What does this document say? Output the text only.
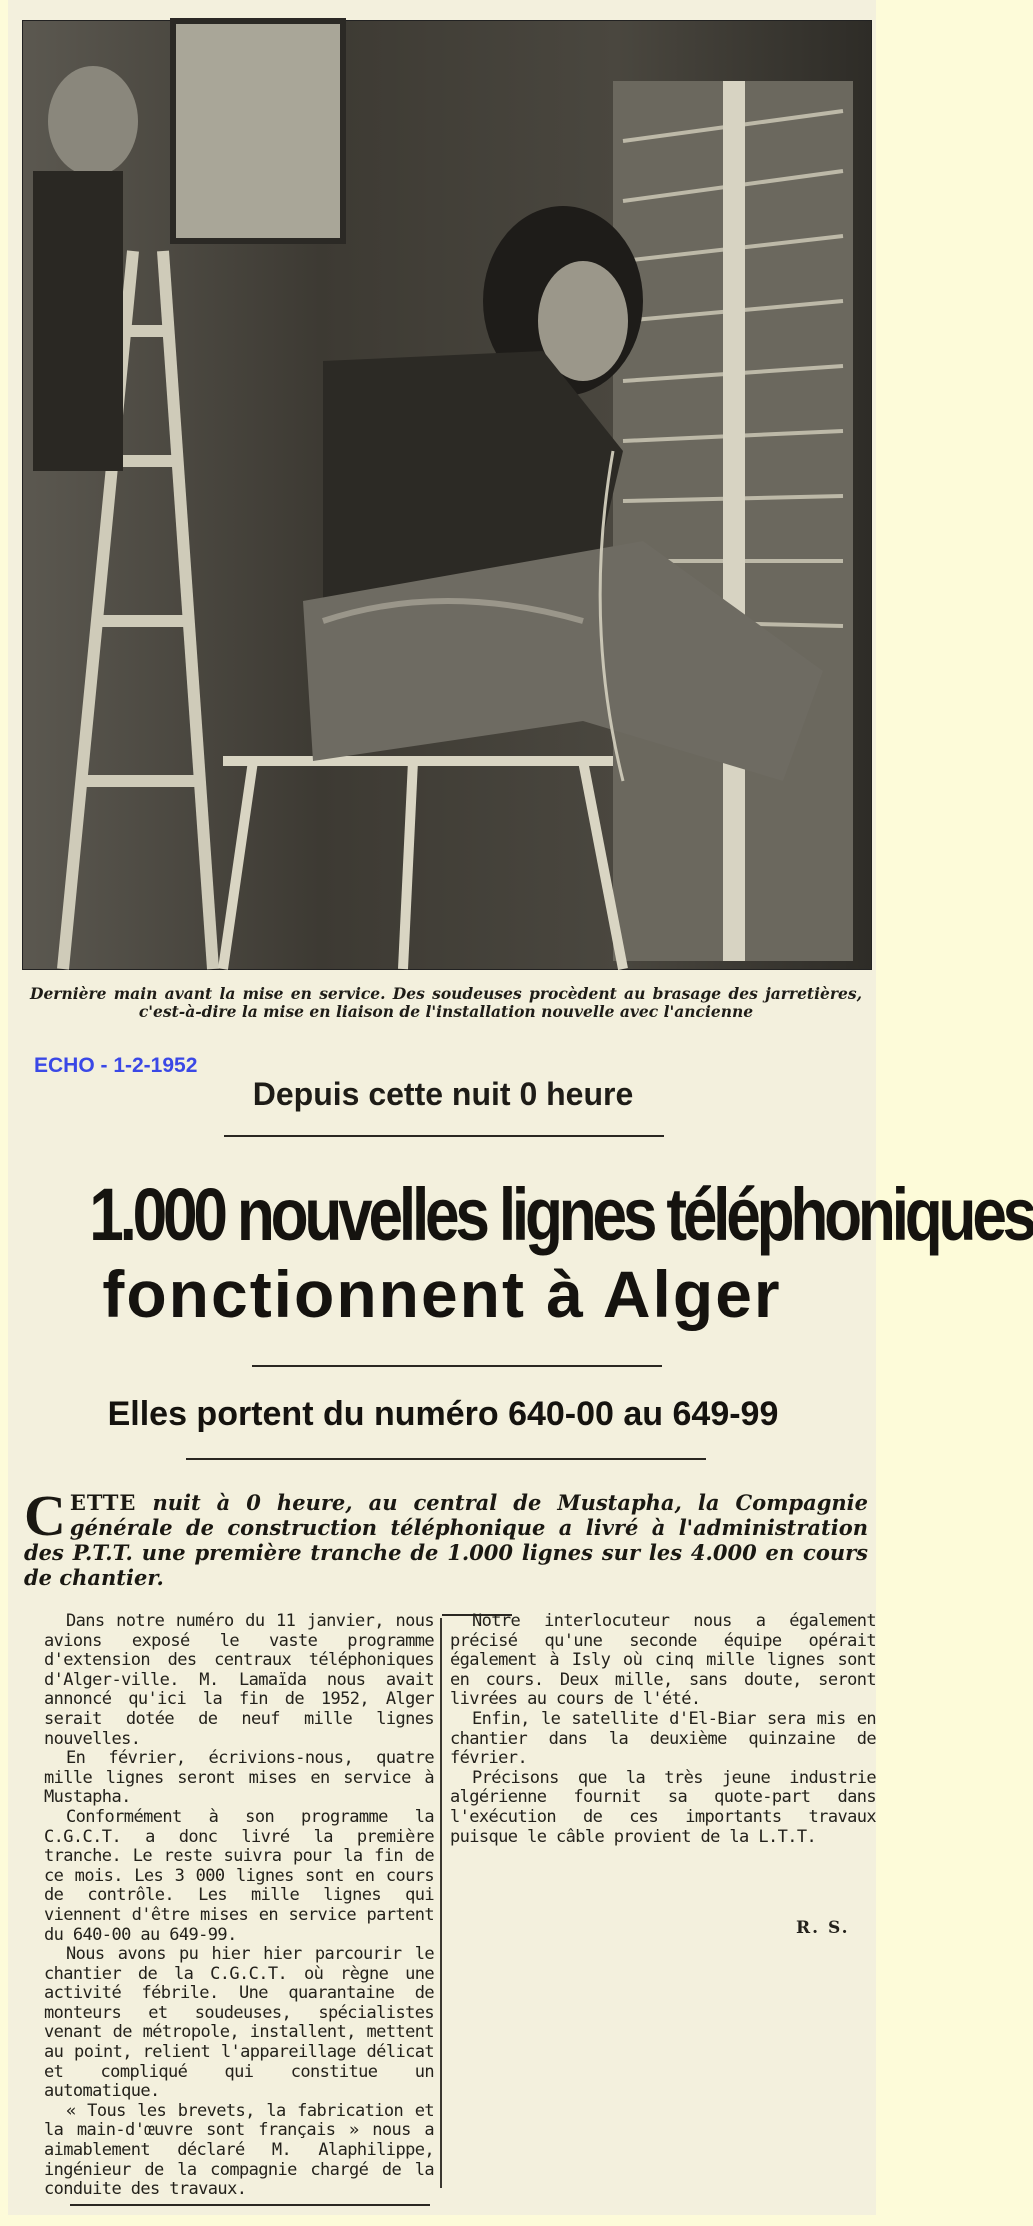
Dernière main avant la mise en service. Des soudeuses procèdent au brasage des jarretières, c'est-à-dire la mise en liaison de l'installation nouvelle avec l'ancienne
ECHO - 1-2-1952
Depuis cette nuit 0 heure
1.000 nouvelles lignes téléphoniques
fonctionnent à Alger
Elles portent du numéro 640-00 au 649-99
CETTE nuit à 0 heure, au central de Mustapha, la Compagnie générale de construction téléphonique a livré à l'administration des P.T.T. une première tranche de 1.000 lignes sur les 4.000 en cours de chantier.

Dans notre numéro du 11 janvier, nous avions exposé le vaste programme d'extension des centraux téléphoniques d'Alger-ville. M. Lamaïda nous avait annoncé qu'ici la fin de 1952, Alger serait dotée de neuf mille lignes nouvelles.

En février, écrivions-nous, quatre mille lignes seront mises en service à Mustapha.

Conformément à son programme la C.G.C.T. a donc livré la première tranche. Le reste suivra pour la fin de ce mois. Les 3 000 lignes sont en cours de contrôle. Les mille lignes qui viennent d'être mises en service partent du 640-00 au 649-99.

Nous avons pu hier hier parcourir le chantier de la C.G.C.T. où règne une activité fébrile. Une quarantaine de monteurs et soudeuses, spécialistes venant de métropole, installent, mettent au point, relient l'appareillage délicat et compliqué qui constitue un automatique.

« Tous les brevets, la fabrication et la main-d'œuvre sont français » nous a aimablement déclaré M. Alaphilippe, ingénieur de la compagnie chargé de la conduite des travaux.

Notre interlocuteur nous a également précisé qu'une seconde équipe opérait également à Isly où cinq mille lignes sont en cours. Deux mille, sans doute, seront livrées au cours de l'été.

Enfin, le satellite d'El-Biar sera mis en chantier dans la deuxième quinzaine de février.

Précisons que la très jeune industrie algérienne fournit sa quote-part dans l'exécution de ces importants travaux puisque le câble provient de la L.T.T.

R. S.
